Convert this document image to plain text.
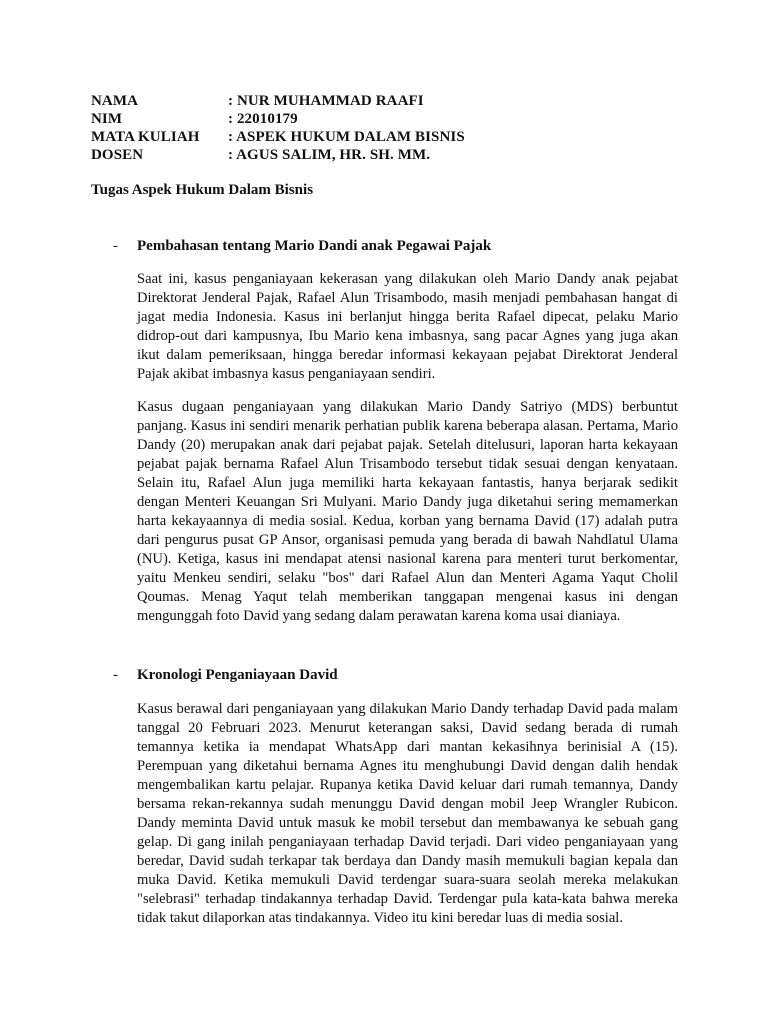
NAMA	: NUR MUHAMMAD RAAFI
NIM	: 22010179
MATA KULIAH	: ASPEK HUKUM DALAM BISNIS
DOSEN	: AGUS SALIM, HR. SH. MM.
Tugas Aspek Hukum Dalam Bisnis
-	Pembahasan tentang Mario Dandi anak Pegawai Pajak

Saat ini, kasus penganiayaan kekerasan yang dilakukan oleh Mario Dandy anak pejabat Direktorat Jenderal Pajak, Rafael Alun Trisambodo, masih menjadi pembahasan hangat di jagat media Indonesia. Kasus ini berlanjut hingga berita Rafael dipecat, pelaku Mario didrop-out dari kampusnya, Ibu Mario kena imbasnya, sang pacar Agnes yang juga akan ikut dalam pemeriksaan, hingga beredar informasi kekayaan pejabat Direktorat Jenderal Pajak akibat imbasnya kasus penganiayaan sendiri.

Kasus dugaan penganiayaan yang dilakukan Mario Dandy Satriyo (MDS) berbuntut panjang. Kasus ini sendiri menarik perhatian publik karena beberapa alasan. Pertama, Mario Dandy (20) merupakan anak dari pejabat pajak. Setelah ditelusuri, laporan harta kekayaan pejabat pajak bernama Rafael Alun Trisambodo tersebut tidak sesuai dengan kenyataan. Selain itu, Rafael Alun juga memiliki harta kekayaan fantastis, hanya berjarak sedikit dengan Menteri Keuangan Sri Mulyani. Mario Dandy juga diketahui sering memamerkan harta kekayaannya di media sosial. Kedua, korban yang bernama David (17) adalah putra dari pengurus pusat GP Ansor, organisasi pemuda yang berada di bawah Nahdlatul Ulama (NU). Ketiga, kasus ini mendapat atensi nasional karena para menteri turut berkomentar, yaitu Menkeu sendiri, selaku "bos" dari Rafael Alun dan Menteri Agama Yaqut Cholil Qoumas. Menag Yaqut telah memberikan tanggapan mengenai kasus ini dengan mengunggah foto David yang sedang dalam perawatan karena koma usai dianiaya.

-	Kronologi Penganiayaan David

Kasus berawal dari penganiayaan yang dilakukan Mario Dandy terhadap David pada malam tanggal 20 Februari 2023. Menurut keterangan saksi, David sedang berada di rumah temannya ketika ia mendapat WhatsApp dari mantan kekasihnya berinisial A (15). Perempuan yang diketahui bernama Agnes itu menghubungi David dengan dalih hendak mengembalikan kartu pelajar. Rupanya ketika David keluar dari rumah temannya, Dandy bersama rekan-rekannya sudah menunggu David dengan mobil Jeep Wrangler Rubicon. Dandy meminta David untuk masuk ke mobil tersebut dan membawanya ke sebuah gang gelap. Di gang inilah penganiayaan terhadap David terjadi. Dari video penganiayaan yang beredar, David sudah terkapar tak berdaya dan Dandy masih memukuli bagian kepala dan muka David. Ketika memukuli David terdengar suara-suara seolah mereka melakukan "selebrasi" terhadap tindakannya terhadap David. Terdengar pula kata-kata bahwa mereka tidak takut dilaporkan atas tindakannya. Video itu kini beredar luas di media sosial.
